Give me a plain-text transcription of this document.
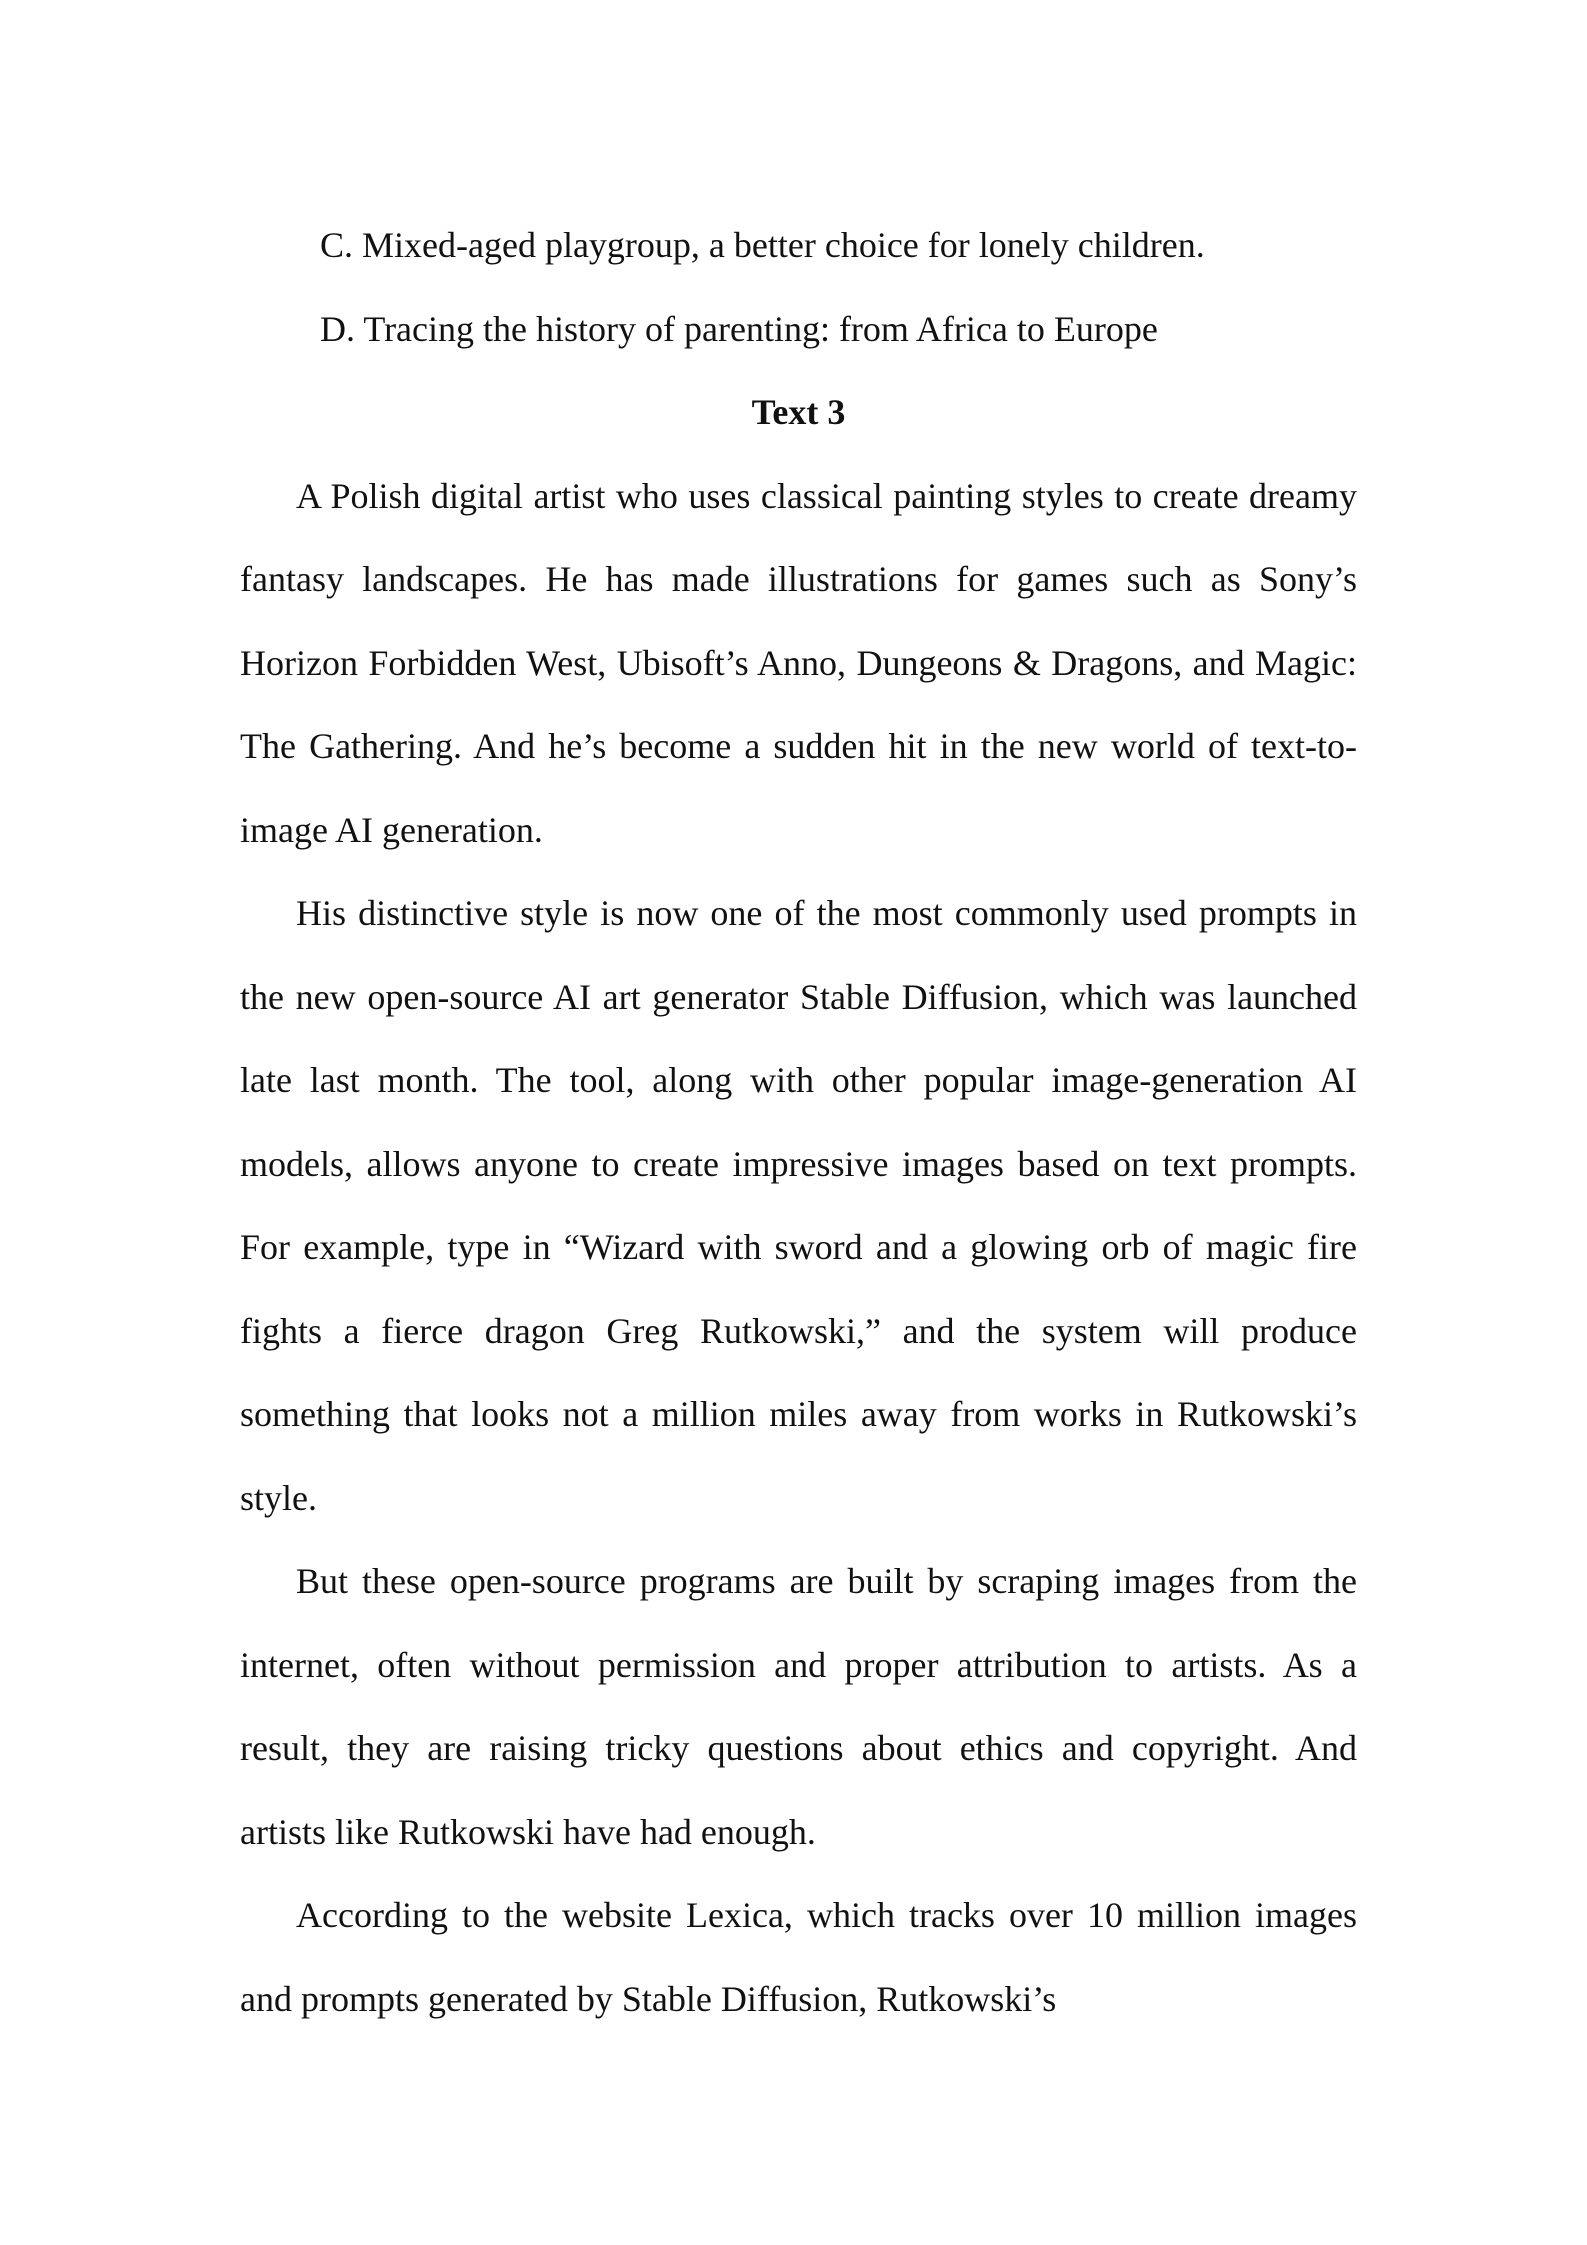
C. Mixed-aged playgroup, a better choice for lonely children.
D. Tracing the history of parenting: from Africa to Europe
Text 3

A Polish digital artist who uses classical painting styles to create dreamy fantasy landscapes. He has made illustrations for games such as Sony’s Horizon Forbidden West, Ubisoft’s Anno, Dungeons & Dragons, and Magic: The Gathering. And he’s become a sudden hit in the new world of text-to-image AI generation.

His distinctive style is now one of the most commonly used prompts in the new open-source AI art generator Stable Diffusion, which was launched late last month. The tool, along with other popular image-generation AI models, allows anyone to create impressive images based on text prompts. For example, type in “Wizard with sword and a glowing orb of magic fire fights a fierce dragon Greg Rutkowski,” and the system will produce something that looks not a million miles away from works in Rutkowski’s style.

But these open-source programs are built by scraping images from the internet, often without permission and proper attribution to artists. As a result, they are raising tricky questions about ethics and copyright. And artists like Rutkowski have had enough.

According to the website Lexica, which tracks over 10 million images and prompts generated by Stable Diffusion, Rutkowski’s
